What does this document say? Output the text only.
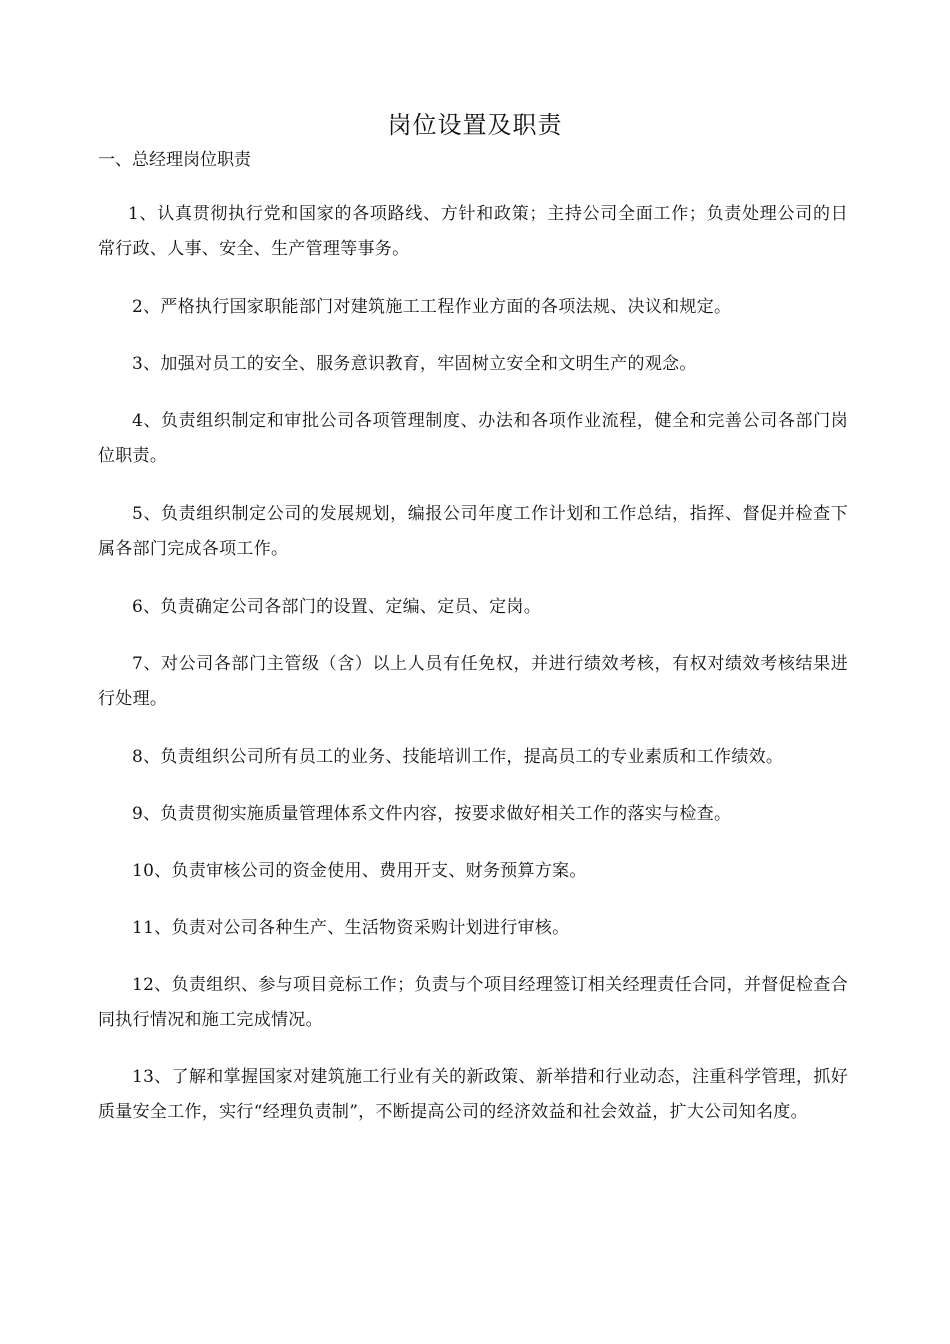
岗位设置及职责
一、总经理岗位职责

1、认真贯彻执行党和国家的各项路线、方针和政策；主持公司全面工作；负责处理公司的日常行政、人事、安全、生产管理等事务。

2、严格执行国家职能部门对建筑施工工程作业方面的各项法规、决议和规定。

3、加强对员工的安全、服务意识教育，牢固树立安全和文明生产的观念。

4、负责组织制定和审批公司各项管理制度、办法和各项作业流程，健全和完善公司各部门岗位职责。

5、负责组织制定公司的发展规划，编报公司年度工作计划和工作总结，指挥、督促并检查下属各部门完成各项工作。

6、负责确定公司各部门的设置、定编、定员、定岗。

7、对公司各部门主管级（含）以上人员有任免权，并进行绩效考核，有权对绩效考核结果进行处理。

8、负责组织公司所有员工的业务、技能培训工作，提高员工的专业素质和工作绩效。

9、负责贯彻实施质量管理体系文件内容，按要求做好相关工作的落实与检查。

10、负责审核公司的资金使用、费用开支、财务预算方案。

11、负责对公司各种生产、生活物资采购计划进行审核。

12、负责组织、参与项目竞标工作；负责与个项目经理签订相关经理责任合同，并督促检查合同执行情况和施工完成情况。

13、了解和掌握国家对建筑施工行业有关的新政策、新举措和行业动态，注重科学管理，抓好质量安全工作，实行“经理负责制”，不断提高公司的经济效益和社会效益，扩大公司知名度。
